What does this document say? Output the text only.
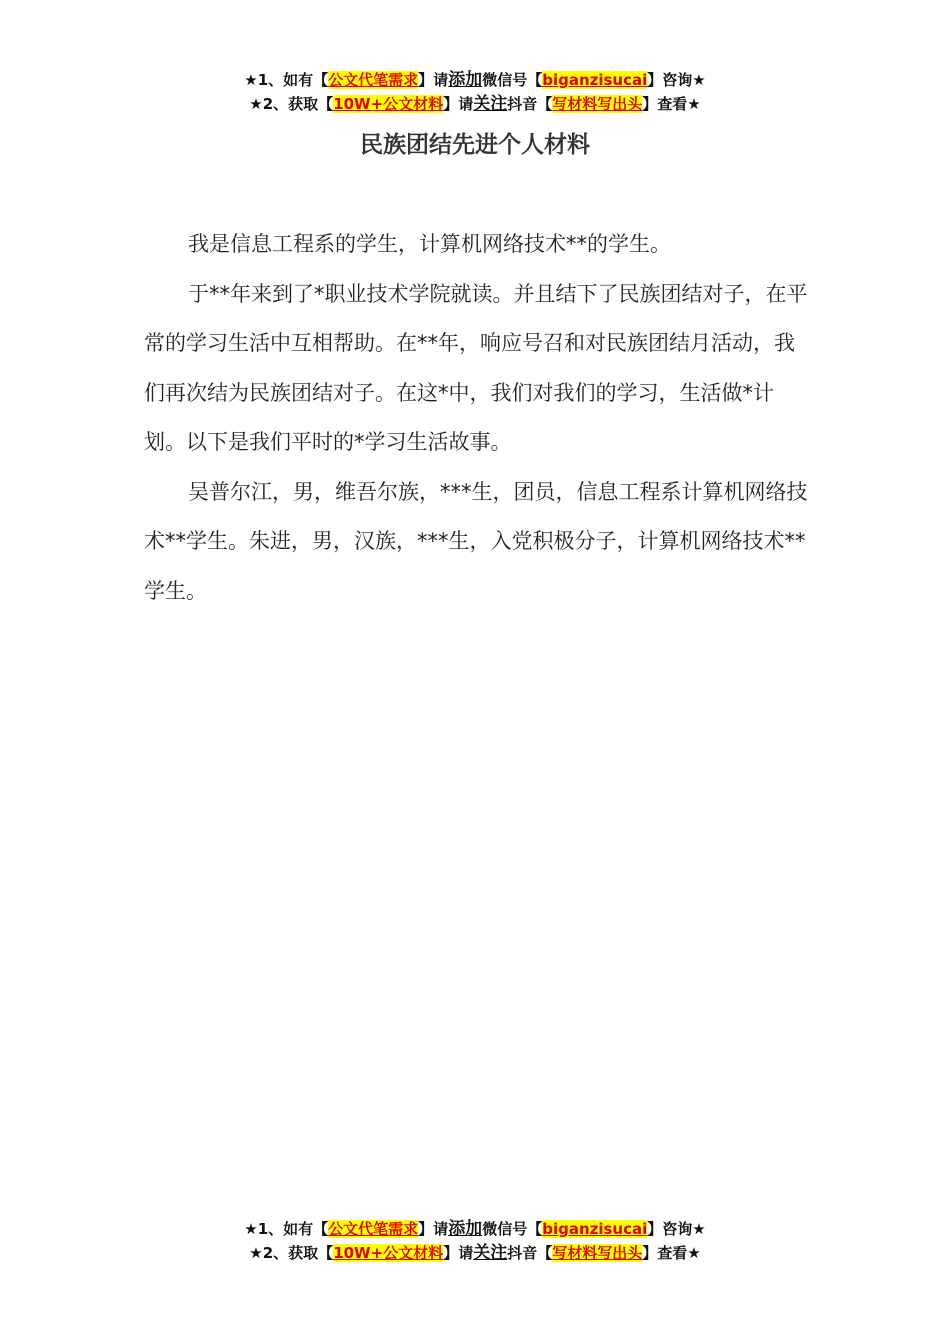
★1、如有【公文代笔需求】请添加微信号【biganzisucai】咨询★
★2、获取【10W+公文材料】请关注抖音【写材料写出头】查看★
民族团结先进个人材料

我是信息工程系的学生，计算机网络技术**的学生。

于**年来到了*职业技术学院就读。并且结下了民族团结对子，在平常的学习生活中互相帮助。在**年，响应号召和对民族团结月活动，我们再次结为民族团结对子。在这*中，我们对我们的学习，生活做*计划。以下是我们平时的*学习生活故事。

吴普尔江，男，维吾尔族，***生，团员，信息工程系计算机网络技术**学生。朱进，男，汉族，***生，入党积极分子，计算机网络技术**学生。

★1、如有【公文代笔需求】请添加微信号【biganzisucai】咨询★
★2、获取【10W+公文材料】请关注抖音【写材料写出头】查看★
